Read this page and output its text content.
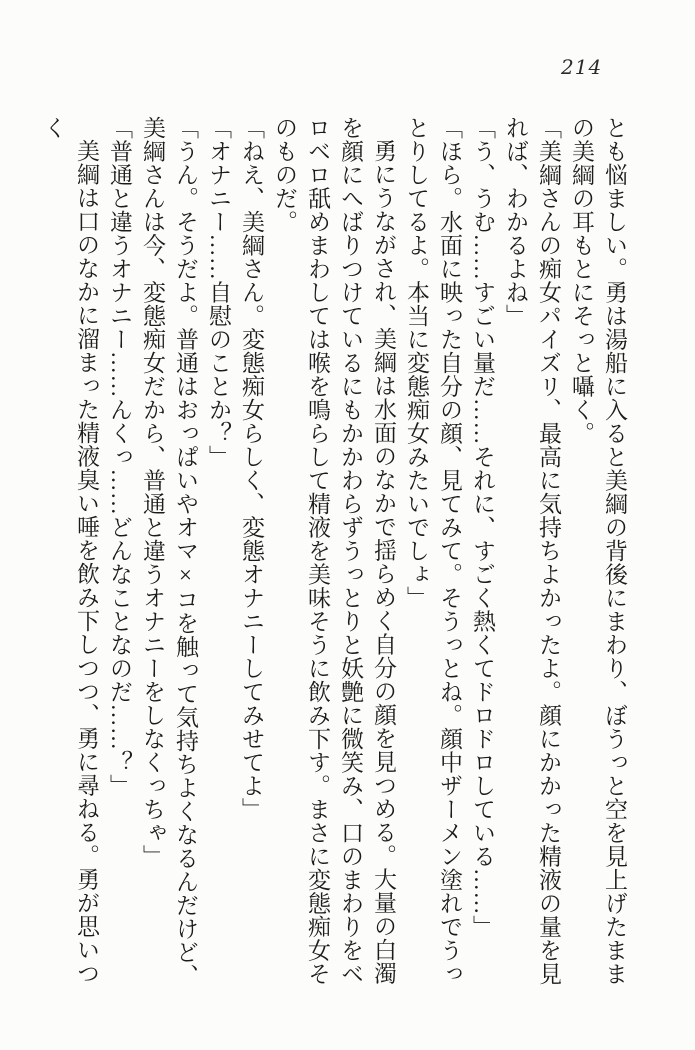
214

とも悩ましい。勇は湯船に入ると美綱の背後にまわり、ぼうっと空を見上げたままの美綱の耳もとにそっと囁く。

「美綱さんの痴女パイズリ、最高に気持ちよかったよ。顔にかかった精液の量を見れば、わかるよね」

「う、うむ……すごい量だ……それに、すごく熱くてドロドロしている……」

「ほら。水面に映った自分の顔、見てみて。そうっとね。顔中ザーメン塗れでうっとりしてるよ。本当に変態痴女みたいでしょ」

勇にうながされ、美綱は水面のなかで揺らめく自分の顔を見つめる。大量の白濁を顔にへばりつけているにもかかわらずうっとりと妖艶に微笑み、口のまわりをベロベロ舐めまわしては喉を鳴らして精液を美味そうに飲み下す。まさに変態痴女そのものだ。

「ねえ、美綱さん。変態痴女らしく、変態オナニーしてみせてよ」

「オナニー……自慰のことか？」

「うん。そうだよ。普通はおっぱいやオマ×コを触って気持ちよくなるんだけど、美綱さんは今、変態痴女だから、普通と違うオナニーをしなくっちゃ」

「普通と違うオナニー……んくっ……どんなことなのだ……？」

美綱は口のなかに溜まった精液臭い唾を飲み下しつつ、勇に尋ねる。勇が思いつく
